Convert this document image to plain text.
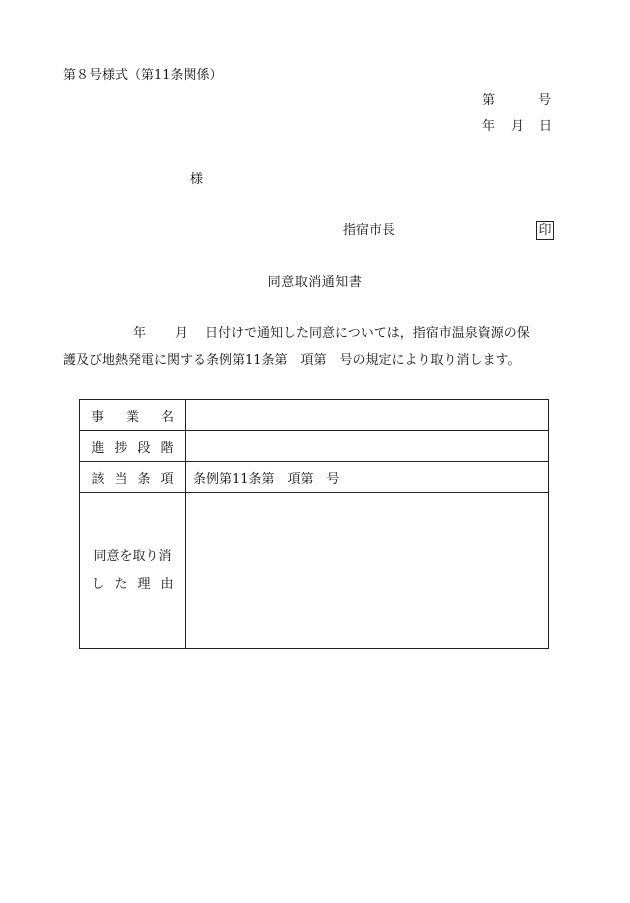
第８号様式（第11条関係）
第	号
年 月 日
様
指宿市長	印
同意取消通知書
年 月 日付けで通知した同意については，指宿市温泉資源の保
護及び地熱発電に関する条例第11条第　項第　号の規定により取り消します。
事業名	
進捗段階	
該当条項	条例第11条第　項第　号

同意を取り消
した理由	
